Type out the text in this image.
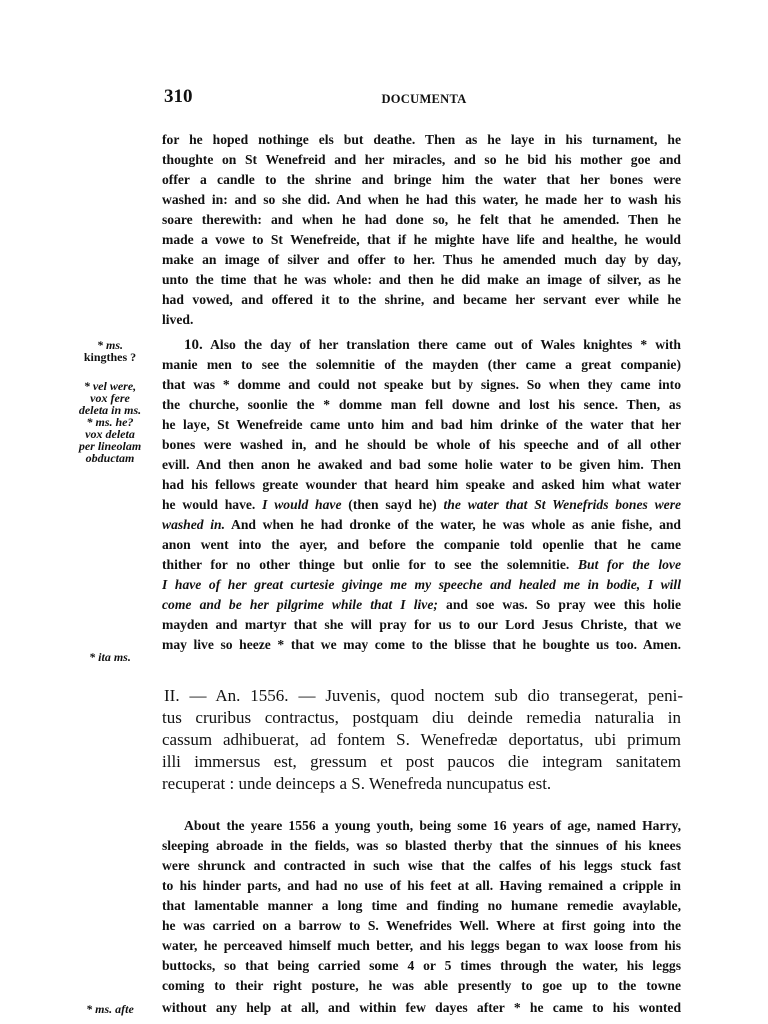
310	DOCUMENTA
for he hoped nothinge els but deathe. Then as he laye in his turnament, he
thoughte on St Wenefreid and her miracles, and so he bid his mother goe and
offer a candle to the shrine and bringe him the water that her bones were
washed in: and so she did. And when he had this water, he made her to wash his
soare therewith: and when he had done so, he felt that he amended. Then he
made a vowe to St Wenefreide, that if he mighte have life and healthe, he would
make an image of silver and offer to her. Thus he amended much day by day,
unto the time that he was whole: and then he did make an image of silver, as he
had vowed, and offered it to the shrine, and became her servant ever while he
lived.
10. Also the day of her translation there came out of Wales knightes * with
manie men to see the solemnitie of the mayden (ther came a great companie)
that was * domme and could not speake but by signes. So when they came into
the churche, soonlie the * domme man fell downe and lost his sence. Then, as
he laye, St Wenefreide came unto him and bad him drinke of the water that her
bones were washed in, and he should be whole of his speeche and of all other
evill. And then anon he awaked and bad some holie water to be given him. Then
had his fellows greate wounder that heard him speake and asked him what water
he would have. I would have (then sayd he) the water that St Wenefrids bones were
washed in. And when he had dronke of the water, he was whole as anie fishe, and
anon went into the ayer, and before the companie told openlie that he came
thither for no other thinge but onlie for to see the solemnitie. But for the love
I have of her great curtesie givinge me my speeche and healed me in bodie, I will
come and be her pilgrime while that I live; and soe was. So pray wee this holie
mayden and martyr that she will pray for us to our Lord Jesus Christe, that we
may live so heeze * that we may come to the blisse that he boughte us too. Amen.
* ms.
kingthes ?
* vel were,
vox fere
deleta in ms.
* ms. he?
vox deleta
per lineolam
obductam
* ita ms.
II. — An. 1556. — Juvenis, quod noctem sub dio transegerat, peni-
tus cruribus contractus, postquam diu deinde remedia naturalia in
cassum adhibuerat, ad fontem S. Wenefredæ deportatus, ubi primum
illi immersus est, gressum et post paucos die integram sanitatem
recuperat : unde deinceps a S. Wenefreda nuncupatus est.
About the yeare 1556 a young youth, being some 16 years of age, named Harry,
sleeping abroade in the fields, was so blasted therby that the sinnues of his knees
were shrunck and contracted in such wise that the calfes of his leggs stuck fast
to his hinder parts, and had no use of his feet at all. Having remained a cripple in
that lamentable manner a long time and finding no humane remedie avaylable,
he was carried on a barrow to S. Wenefrides Well. Where at first going into the
water, he perceaved himself much better, and his leggs began to wax loose from his
buttocks, so that being carried some 4 or 5 times through the water, his leggs
coming to their right posture, he was able presently to goe up to the towne
without any help at all, and within few dayes after * he came to his wonted
* ms. afte
